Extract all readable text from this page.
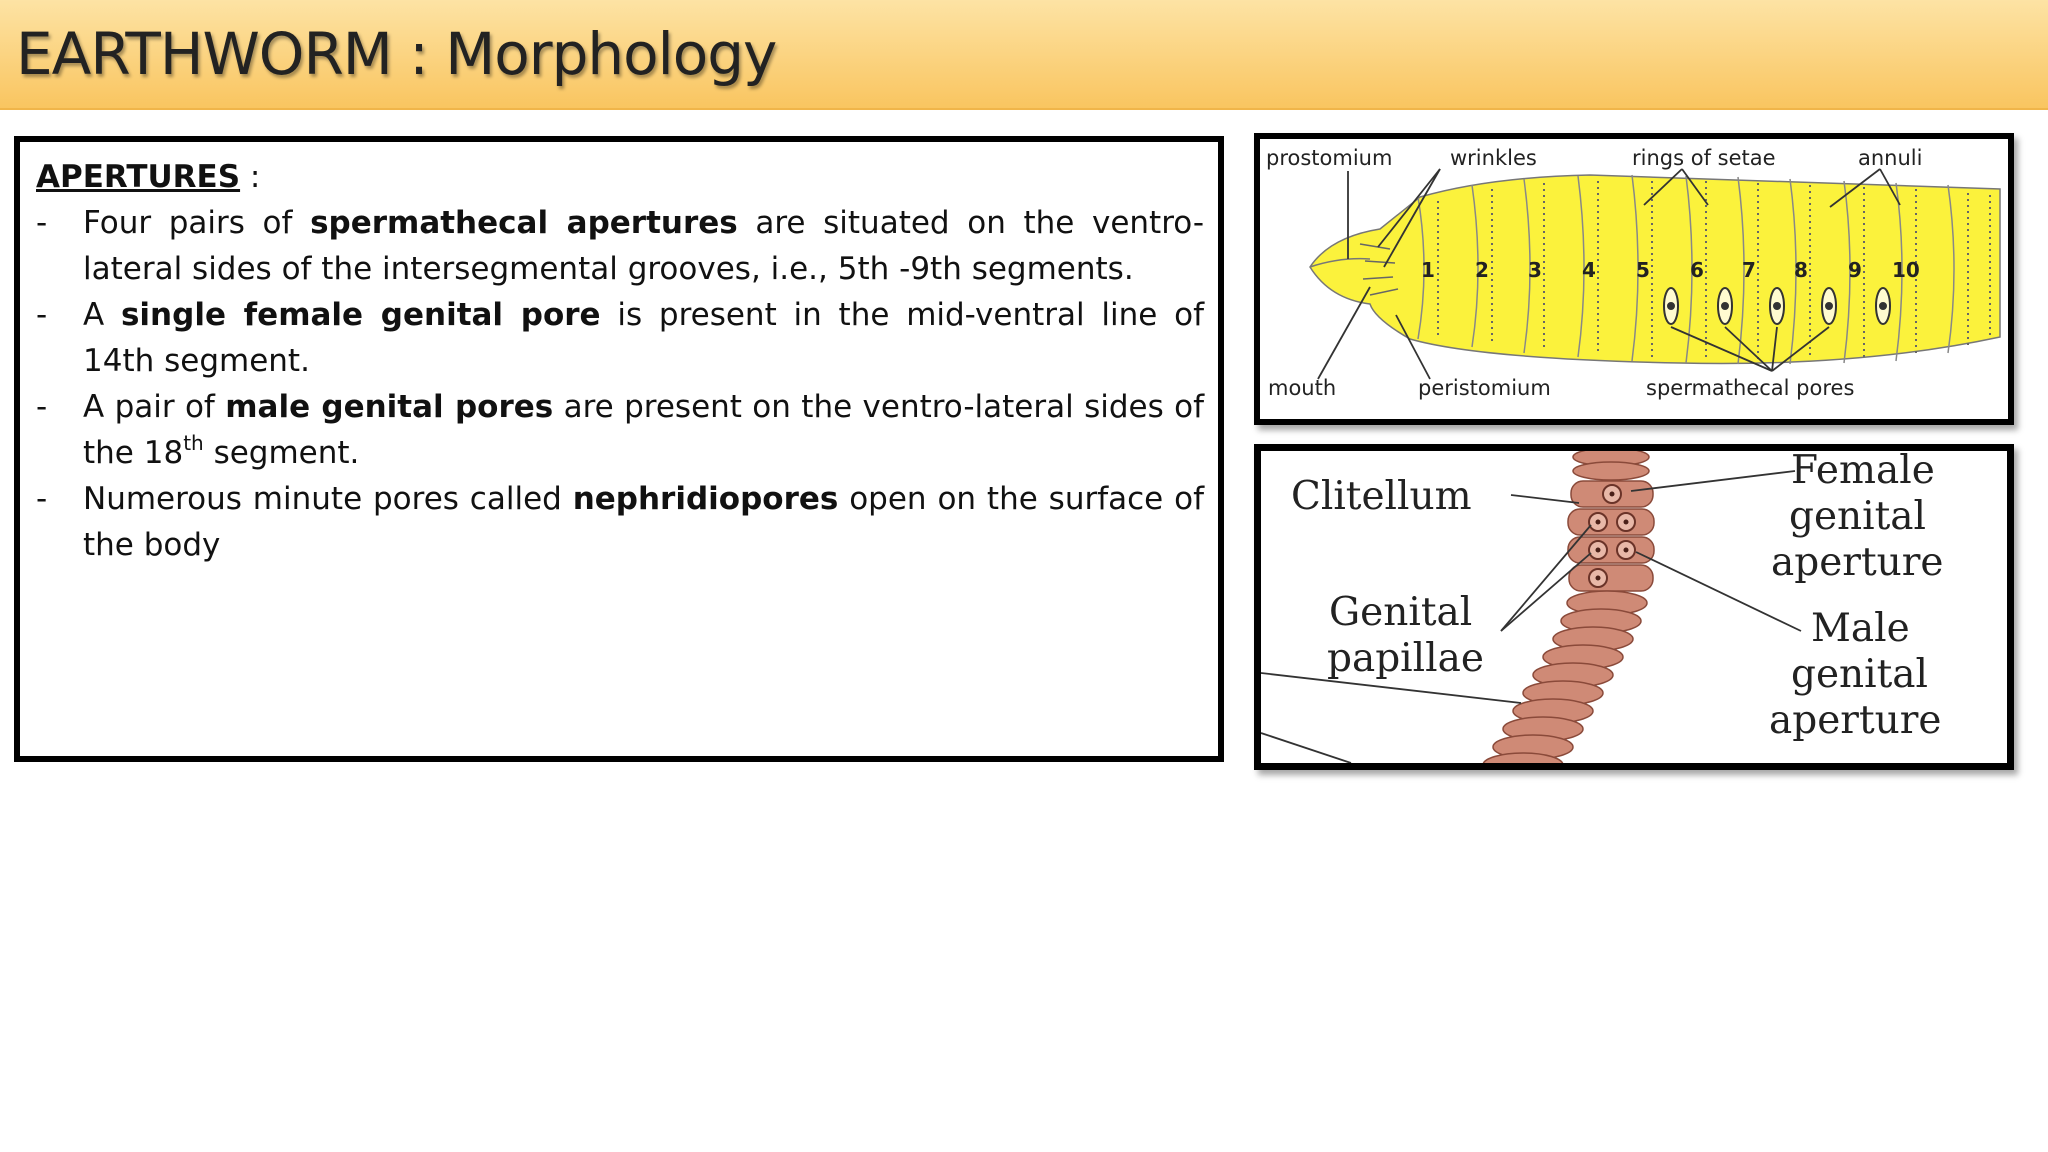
EARTHWORM : Morphology
APERTURES :
- Four pairs of spermathecal apertures are situated on the ventro-lateral sides of the intersegmental grooves, i.e., 5th -9th segments.
- A single female genital pore is present in the mid-ventral line of 14th segment.
- A pair of male genital pores are present on the ventro-lateral sides of the 18th segment.
- Numerous minute pores called nephridiopores open on the surface of the body
1 2 3 4 5 6 7 8 9 10
prostomium	wrinkles	rings of setae	annuli
mouth	peristomium	spermathecal pores
Clitellum
Genital
papillae
Female
genital
aperture
Male
genital
aperture
